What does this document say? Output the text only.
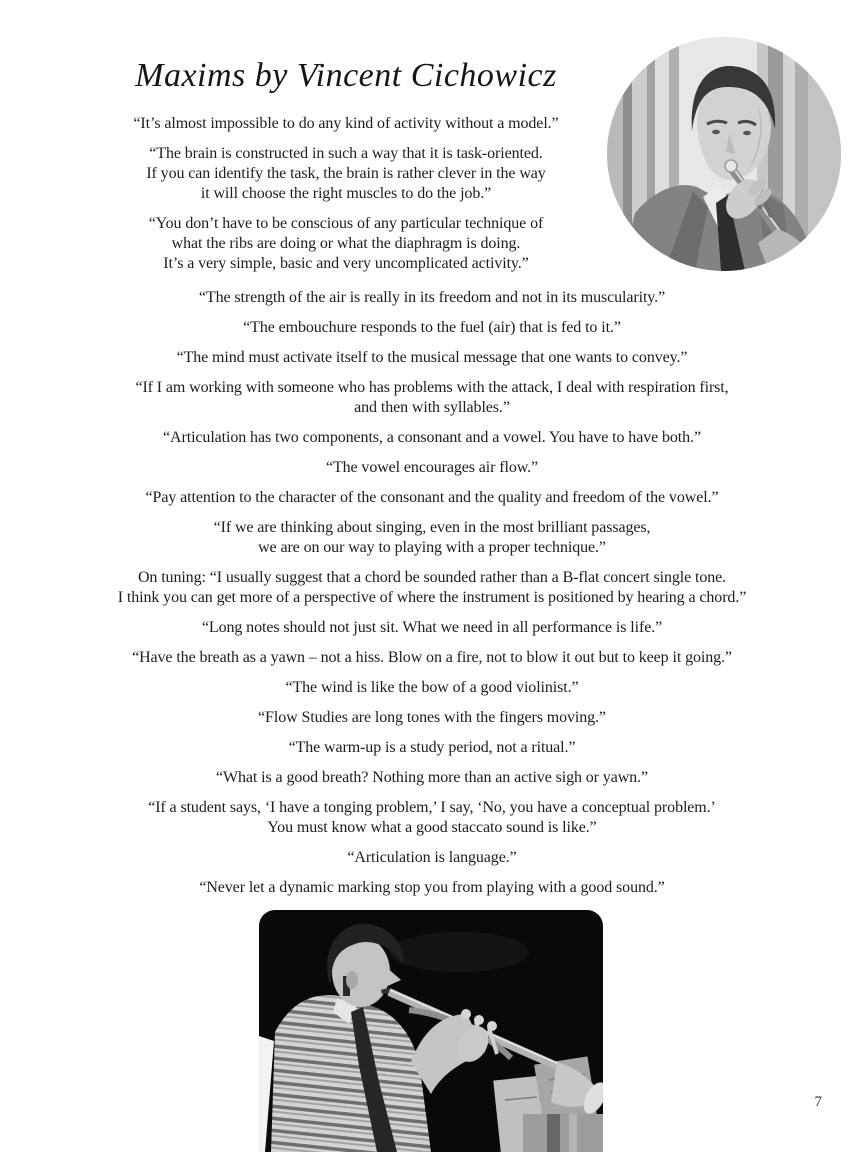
Maxims by Vincent Cichowicz

“It’s almost impossible to do any kind of activity without a model.”

“The brain is constructed in such a way that it is task-oriented.
If you can identify the task, the brain is rather clever in the way
it will choose the right muscles to do the job.”

“You don’t have to be conscious of any particular technique of
what the ribs are doing or what the diaphragm is doing.
It’s a very simple, basic and very uncomplicated activity.”

“The strength of the air is really in its freedom and not in its muscularity.”

“The embouchure responds to the fuel (air) that is fed to it.”

“The mind must activate itself to the musical message that one wants to convey.”

“If I am working with someone who has problems with the attack, I deal with respiration first,
and then with syllables.”

“Articulation has two components, a consonant and a vowel. You have to have both.”

“The vowel encourages air flow.”

“Pay attention to the character of the consonant and the quality and freedom of the vowel.”

“If we are thinking about singing, even in the most brilliant passages,
we are on our way to playing with a proper technique.”

On tuning: “I usually suggest that a chord be sounded rather than a B-flat concert single tone.
I think you can get more of a perspective of where the instrument is positioned by hearing a chord.”

“Long notes should not just sit. What we need in all performance is life.”

“Have the breath as a yawn – not a hiss. Blow on a fire, not to blow it out but to keep it going.”

“The wind is like the bow of a good violinist.”

“Flow Studies are long tones with the fingers moving.”

“The warm-up is a study period, not a ritual.”

“What is a good breath? Nothing more than an active sigh or yawn.”

“If a student says, ‘I have a tonging problem,’ I say, ‘No, you have a conceptual problem.’
You must know what a good staccato sound is like.”

“Articulation is language.”

“Never let a dynamic marking stop you from playing with a good sound.”

7
